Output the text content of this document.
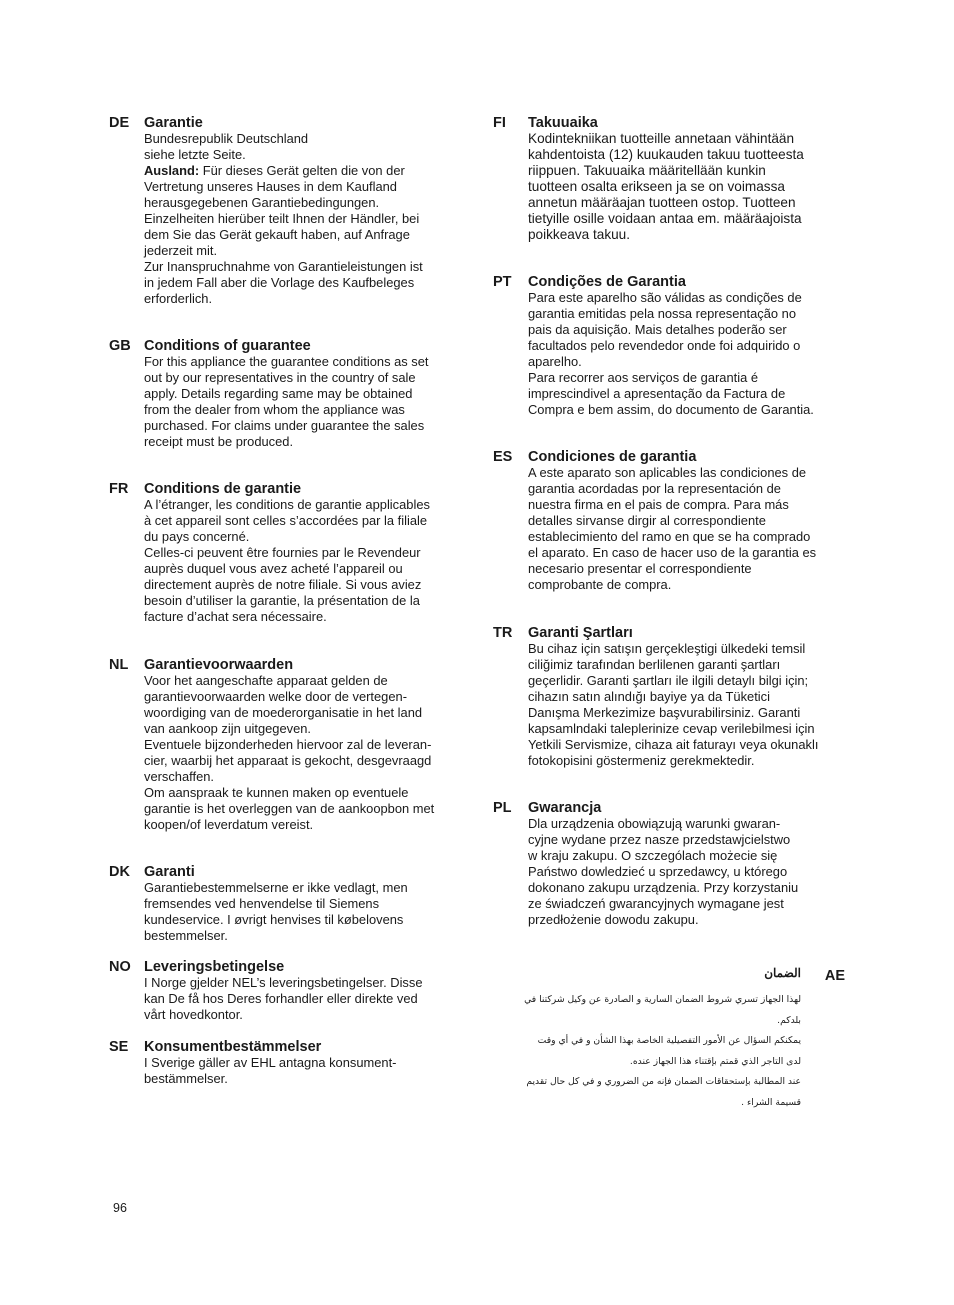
DE Garantie

Bundesrepublik Deutschland

siehe letzte Seite.

Ausland: Für dieses Gerät gelten die von der

Vertretung unseres Hauses in dem Kaufland

herausgegebenen Garantiebedingungen.

Einzelheiten hierüber teilt Ihnen der Händler, bei

dem Sie das Gerät gekauft haben, auf Anfrage

jederzeit mit.

Zur Inanspruchnahme von Garantieleistungen ist

in jedem Fall aber die Vorlage des Kaufbeleges

erforderlich.

GB Conditions of guarantee

For this appliance the guarantee conditions as set

out by our representatives in the country of sale

apply. Details regarding same may be obtained

from the dealer from whom the appliance was

purchased. For claims under guarantee the sales

receipt must be produced.

FR Conditions de garantie

A l’étranger, les conditions de garantie applicables

à cet appareil sont celles s’accordées par la filiale

du pays concerné.

Celles-ci peuvent être fournies par le Revendeur

auprès duquel vous avez acheté l’appareil ou

directement auprès de notre filiale. Si vous aviez

besoin d’utiliser la garantie, la présentation de la

facture d’achat sera nécessaire.

NL Garantievoorwaarden

Voor het aangeschafte apparaat gelden de

garantievoorwaarden welke door de vertegen-

woordiging van de moederorganisatie in het land

van aankoop zijn uitgegeven.

Eventuele bijzonderheden hiervoor zal de leveran-

cier, waarbij het apparaat is gekocht, desgevraagd

verschaffen.

Om aanspraak te kunnen maken op eventuele

garantie is het overleggen van de aankoopbon met

koopen/of leverdatum vereist.

DK Garanti

Garantiebestemmelserne er ikke vedlagt, men

fremsendes ved henvendelse til Siemens

kundeservice. I øvrigt henvises til købelovens

bestemmelser.

NO Leveringsbetingelse

I Norge gjelder NEL’s leveringsbetingelser. Disse

kan De få hos Deres forhandler eller direkte ved

vårt hovedkontor.

SE Konsumentbestämmelser

I Sverige gäller av EHL antagna konsument-

bestämmelser.

FI Takuuaika

Kodintekniikan tuotteille annetaan vähintään

kahdentoista (12) kuukauden takuu tuotteesta

riippuen. Takuuaika määritellään kunkin

tuotteen osalta erikseen ja se on voimassa

annetun määräajan tuotteen ostop. Tuotteen

tietyille osille voidaan antaa em. määräajoista

poikkeava takuu.

PT Condições de Garantia

Para este aparelho são válidas as condições de

garantia emitidas pela nossa representação no

pais da aquisição. Mais detalhes poderão ser

facultados pelo revendedor onde foi adquirido o

aparelho.

Para recorrer aos serviços de garantia é

imprescindivel a apresentação da Factura de

Compra e bem assim, do documento de Garantia.

ES Condiciones de garantia

A este aparato son aplicables las condiciones de

garantia acordadas por la representación de

nuestra firma en el pais de compra. Para más

detalles sirvanse dirgir al correspondiente

establecimiento del ramo en que se ha comprado

el aparato. En caso de hacer uso de la garantia es

necesario presentar el correspondiente

comprobante de compra.

TR Garanti Şartları

Bu cihaz için satışın gerçekleştigi ülkedeki temsil

ciliğimiz tarafından berlilenen garanti şartları

geçerlidir. Garanti şartları ile ilgili detaylı bilgi için;

cihazın satın alındığı bayiye ya da Tüketici

Danışma Merkezimize başvurabilirsiniz. Garanti

kapsamlndaki taleplerinize cevap verilebilmesi için

Yetkili Servismize, cihaza ait faturayı veya okunaklı

fotokopisini göstermeniz gerekmektedir.

PL Gwarancja

Dla urządzenia obowiązują warunki gwaran-

cyjne wydane przez nasze przedstawjcielstwo

w kraju zakupu. O szczególach możecie się

Państwo dowledzieć u sprzedawcy, u którego

dokonano zakupu urządzenia. Przy korzystaniu

ze świadczeń gwarancyjnych wymagane jest

przedłożenie dowodu zakupu.

AE
الضمان

لهذا الجهاز تسري شروط الضمان السارية و الصادرة عن وكيل شركتنا في

بلدكم.

يمكنكم السؤال عن الأمور التفصيلية الخاصة بهذا الشأن و في أي وقت

لدى التاجر الذي قمتم بإقتناء هذا الجهاز عنده.

عند المطالبة بإستحقاقات الضمان فإنه من الضروري و في كل حال تقديم

قسيمة الشراء .

96
